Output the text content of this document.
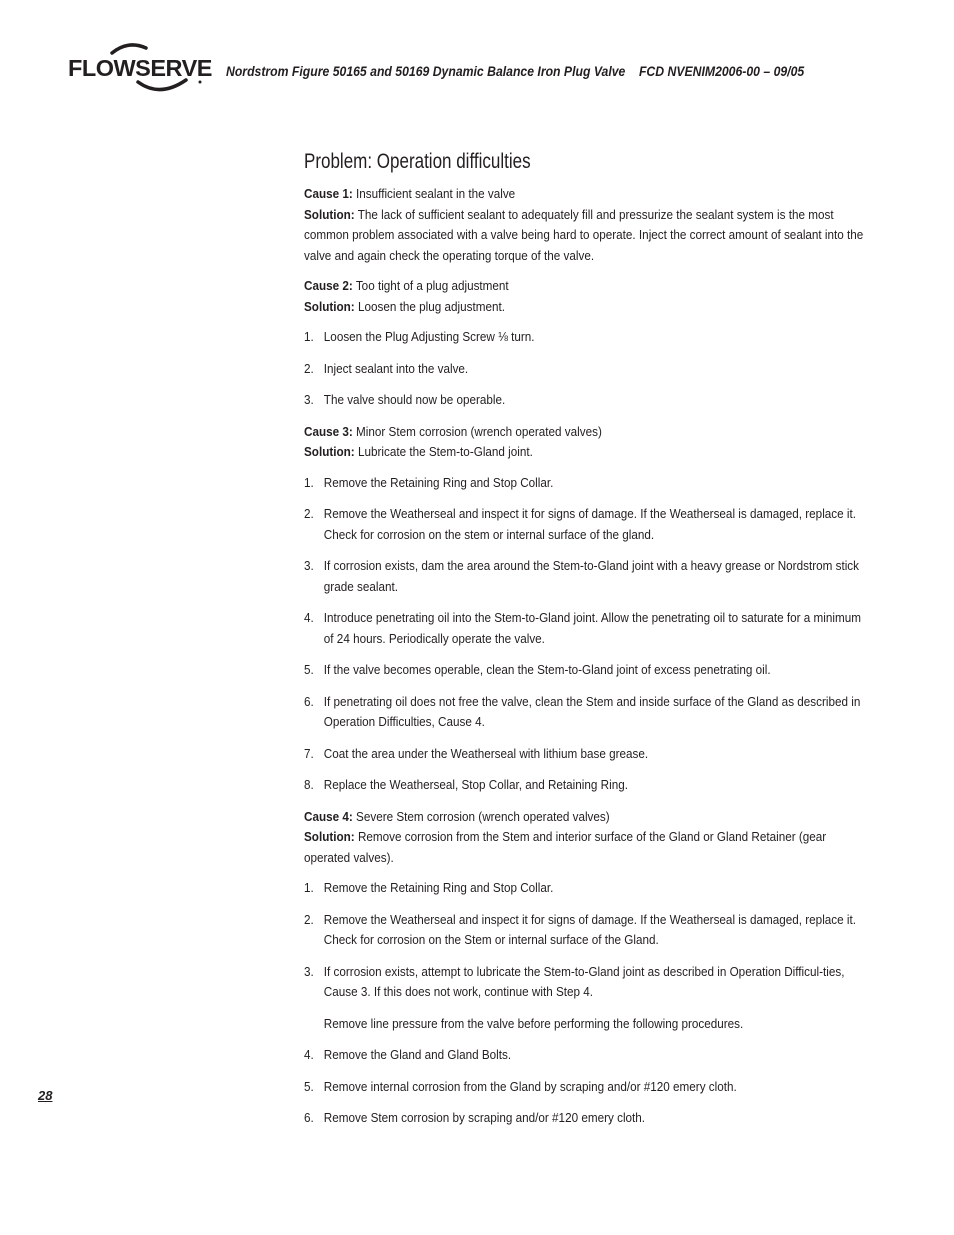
FLOWSERVE Nordstrom Figure 50165 and 50169 Dynamic Balance Iron Plug Valve    FCD NVENIM2006-00 – 09/05
Problem: Operation difficulties
Cause 1: Insufficient sealant in the valve
Solution: The lack of sufficient sealant to adequately fill and pressurize the sealant system is the most common problem associated with a valve being hard to operate. Inject the correct amount of sealant into the valve and again check the operating torque of the valve.
Cause 2: Too tight of a plug adjustment
Solution: Loosen the plug adjustment.
1. Loosen the Plug Adjusting Screw ⅛ turn.
2. Inject sealant into the valve.
3. The valve should now be operable.
Cause 3: Minor Stem corrosion (wrench operated valves)
Solution: Lubricate the Stem-to-Gland joint.
1. Remove the Retaining Ring and Stop Collar.
2. Remove the Weatherseal and inspect it for signs of damage. If the Weatherseal is damaged, replace it. Check for corrosion on the stem or internal surface of the gland.
3. If corrosion exists, dam the area around the Stem-to-Gland joint with a heavy grease or Nordstrom stick grade sealant.
4. Introduce penetrating oil into the Stem-to-Gland joint. Allow the penetrating oil to saturate for a minimum of 24 hours. Periodically operate the valve.
5. If the valve becomes operable, clean the Stem-to-Gland joint of excess penetrating oil.
6. If penetrating oil does not free the valve, clean the Stem and inside surface of the Gland as described in Operation Difficulties, Cause 4.
7. Coat the area under the Weatherseal with lithium base grease.
8. Replace the Weatherseal, Stop Collar, and Retaining Ring.
Cause 4: Severe Stem corrosion (wrench operated valves)
Solution: Remove corrosion from the Stem and interior surface of the Gland or Gland Retainer (gear operated valves).
1. Remove the Retaining Ring and Stop Collar.
2. Remove the Weatherseal and inspect it for signs of damage. If the Weatherseal is damaged, replace it. Check for corrosion on the Stem or internal surface of the Gland.
3. If corrosion exists, attempt to lubricate the Stem-to-Gland joint as described in Operation Difficul-ties, Cause 3. If this does not work, continue with Step 4.
Remove line pressure from the valve before performing the following procedures.
4. Remove the Gland and Gland Bolts.
5. Remove internal corrosion from the Gland by scraping and/or #120 emery cloth.
6. Remove Stem corrosion by scraping and/or #120 emery cloth.
28
